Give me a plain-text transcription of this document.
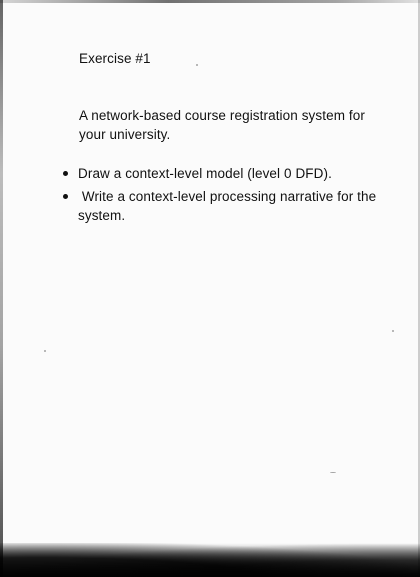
Exercise #1

A network-based course registration system for your university.

Draw a context-level model (level 0 DFD).
Write a context-level processing narrative for the system.
